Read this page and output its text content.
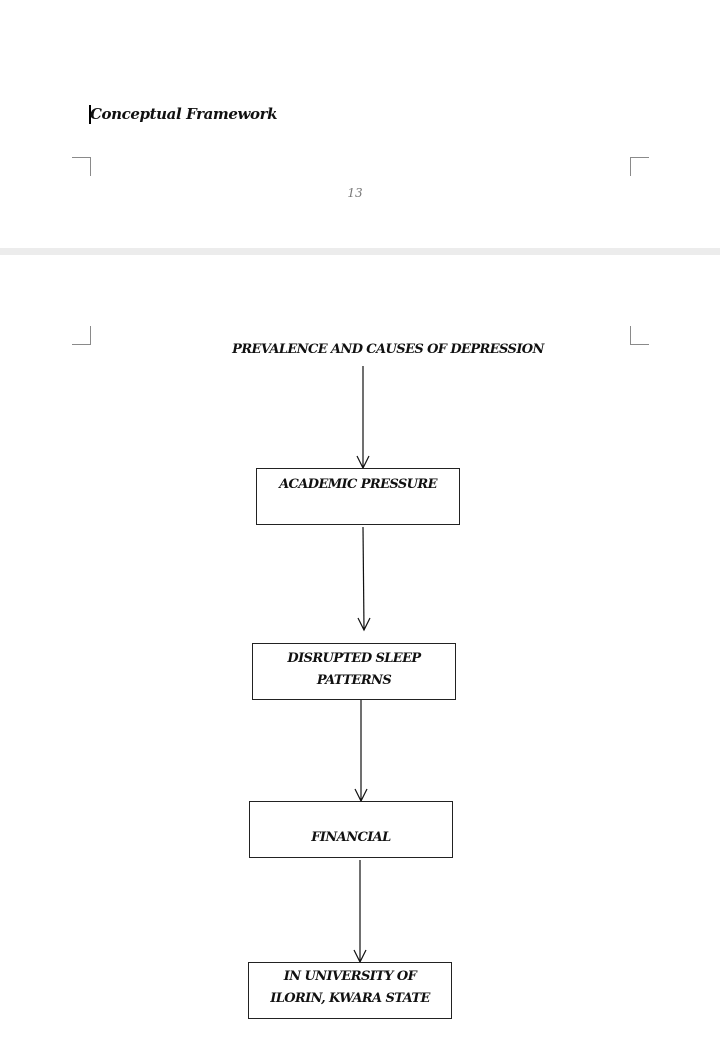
Conceptual Framework
13
PREVALENCE AND CAUSES OF DEPRESSION
ACADEMIC PRESSURE
DISRUPTED SLEEP PATTERNS
FINANCIAL
IN UNIVERSITY OF ILORIN, KWARA STATE
